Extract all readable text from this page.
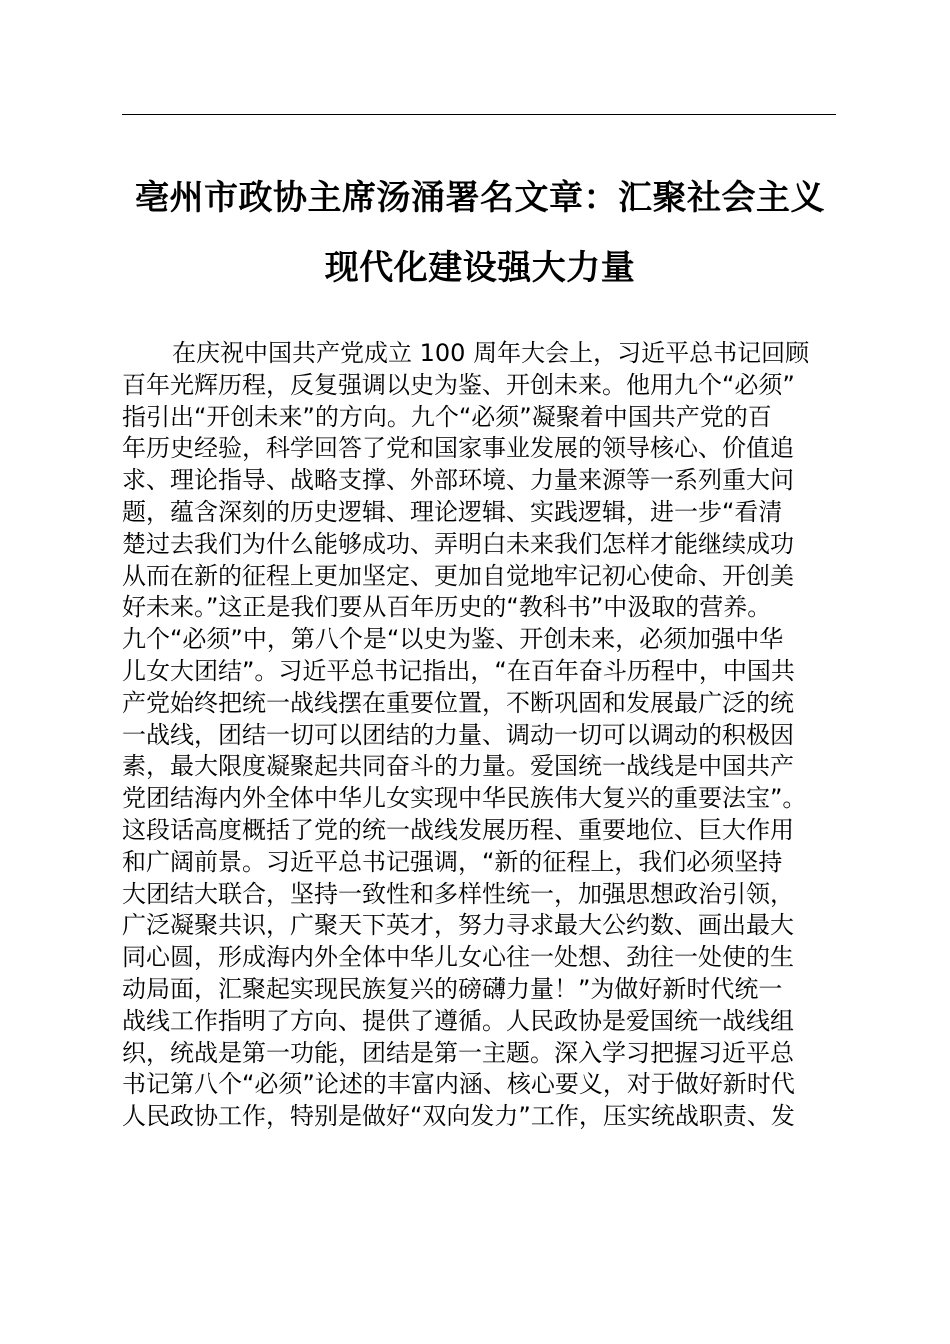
亳州市政协主席汤涌署名文章：汇聚社会主义
现代化建设强大力量
在庆祝中国共产党成立 100 周年大会上，习近平总书记回顾
百年光辉历程，反复强调以史为鉴、开创未来。他用九个“必须”
指引出“开创未来”的方向。九个“必须”凝聚着中国共产党的百
年历史经验，科学回答了党和国家事业发展的领导核心、价值追
求、理论指导、战略支撑、外部环境、力量来源等一系列重大问
题，蕴含深刻的历史逻辑、理论逻辑、实践逻辑，进一步“看清
楚过去我们为什么能够成功、弄明白未来我们怎样才能继续成功
从而在新的征程上更加坚定、更加自觉地牢记初心使命、开创美
好未来。”这正是我们要从百年历史的“教科书”中汲取的营养。
九个“必须”中，第八个是“以史为鉴、开创未来，必须加强中华
儿女大团结”。习近平总书记指出，“在百年奋斗历程中，中国共
产党始终把统一战线摆在重要位置，不断巩固和发展最广泛的统
一战线，团结一切可以团结的力量、调动一切可以调动的积极因
素，最大限度凝聚起共同奋斗的力量。爱国统一战线是中国共产
党团结海内外全体中华儿女实现中华民族伟大复兴的重要法宝”。
这段话高度概括了党的统一战线发展历程、重要地位、巨大作用
和广阔前景。习近平总书记强调，“新的征程上，我们必须坚持
大团结大联合，坚持一致性和多样性统一，加强思想政治引领，
广泛凝聚共识，广聚天下英才，努力寻求最大公约数、画出最大
同心圆，形成海内外全体中华儿女心往一处想、劲往一处使的生
动局面，汇聚起实现民族复兴的磅礴力量！”为做好新时代统一
战线工作指明了方向、提供了遵循。人民政协是爱国统一战线组
织，统战是第一功能，团结是第一主题。深入学习把握习近平总
书记第八个“必须”论述的丰富内涵、核心要义，对于做好新时代
人民政协工作，特别是做好“双向发力”工作，压实统战职责、发
